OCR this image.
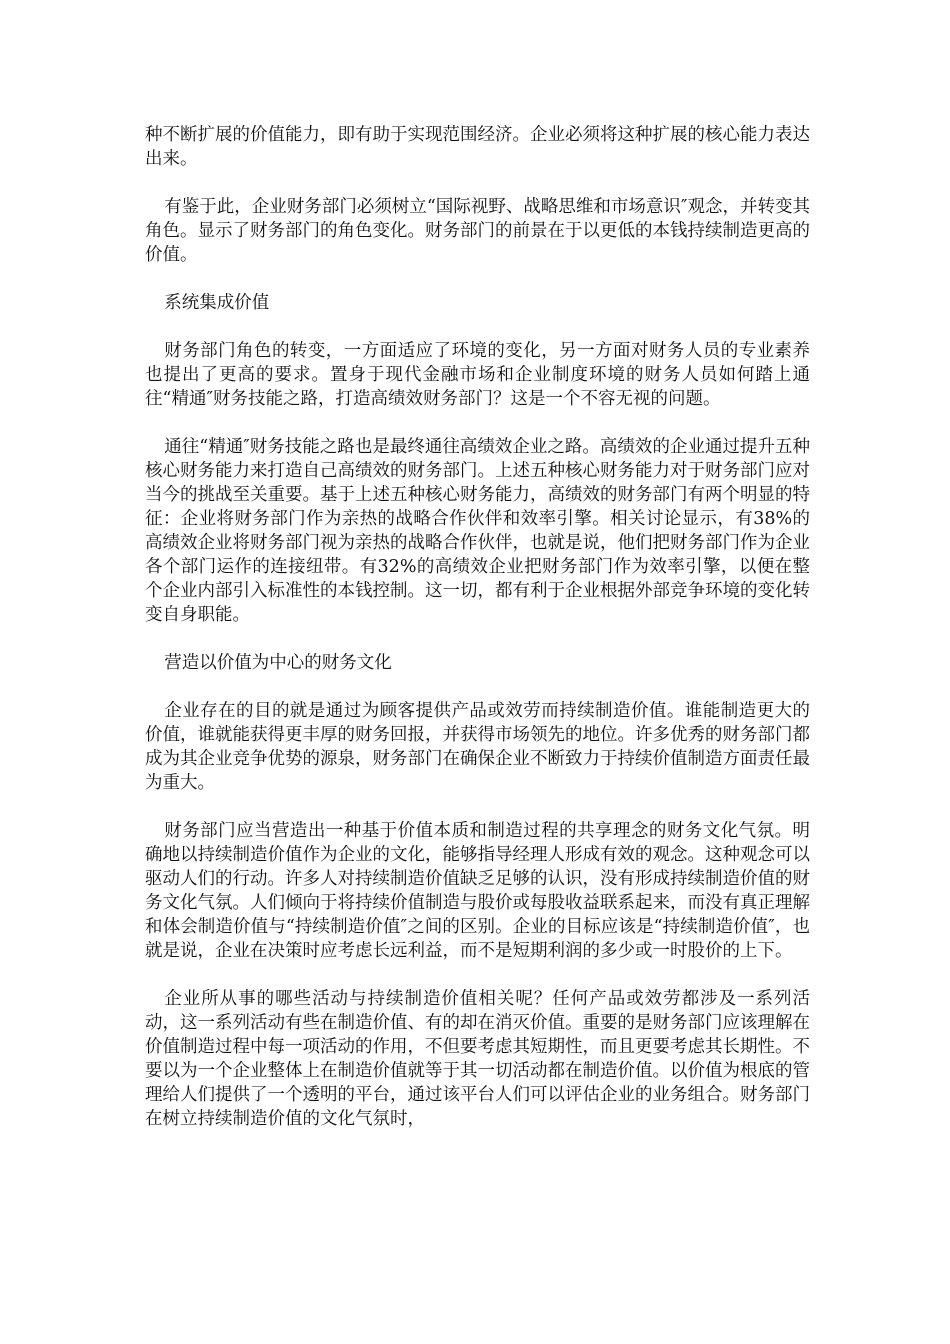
种不断扩展的价值能力，即有助于实现范围经济。企业必须将这种扩展的核心能力表达出来。

有鉴于此，企业财务部门必须树立“国际视野、战略思维和市场意识″观念，并转变其角色。显示了财务部门的角色变化。财务部门的前景在于以更低的本钱持续制造更高的价值。

系统集成价值

财务部门角色的转变，一方面适应了环境的变化，另一方面对财务人员的专业素养也提出了更高的要求。置身于现代金融市场和企业制度环境的财务人员如何踏上通往“精通″财务技能之路，打造高绩效财务部门？这是一个不容无视的问题。

通往“精通″财务技能之路也是最终通往高绩效企业之路。高绩效的企业通过提升五种核心财务能力来打造自己高绩效的财务部门。上述五种核心财务能力对于财务部门应对当今的挑战至关重要。基于上述五种核心财务能力，高绩效的财务部门有两个明显的特征：企业将财务部门作为亲热的战略合作伙伴和效率引擎。相关讨论显示，有38%的高绩效企业将财务部门视为亲热的战略合作伙伴，也就是说，他们把财务部门作为企业各个部门运作的连接纽带。有32%的高绩效企业把财务部门作为效率引擎，以便在整个企业内部引入标准性的本钱控制。这一切，都有利于企业根据外部竞争环境的变化转变自身职能。

营造以价值为中心的财务文化

企业存在的目的就是通过为顾客提供产品或效劳而持续制造价值。谁能制造更大的价值，谁就能获得更丰厚的财务回报，并获得市场领先的地位。许多优秀的财务部门都成为其企业竞争优势的源泉，财务部门在确保企业不断致力于持续价值制造方面责任最为重大。

财务部门应当营造出一种基于价值本质和制造过程的共享理念的财务文化气氛。明确地以持续制造价值作为企业的文化，能够指导经理人形成有效的观念。这种观念可以驱动人们的行动。许多人对持续制造价值缺乏足够的认识，没有形成持续制造价值的财务文化气氛。人们倾向于将持续价值制造与股价或每股收益联系起来，而没有真正理解和体会制造价值与“持续制造价值″之间的区别。企业的目标应该是“持续制造价值″，也就是说，企业在决策时应考虑长远利益，而不是短期利润的多少或一时股价的上下。

企业所从事的哪些活动与持续制造价值相关呢？任何产品或效劳都涉及一系列活动，这一系列活动有些在制造价值、有的却在消灭价值。重要的是财务部门应该理解在价值制造过程中每一项活动的作用，不但要考虑其短期性，而且更要考虑其长期性。不要以为一个企业整体上在制造价值就等于其一切活动都在制造价值。以价值为根底的管理给人们提供了一个透明的平台，通过该平台人们可以评估企业的业务组合。财务部门在树立持续制造价值的文化气氛时，
